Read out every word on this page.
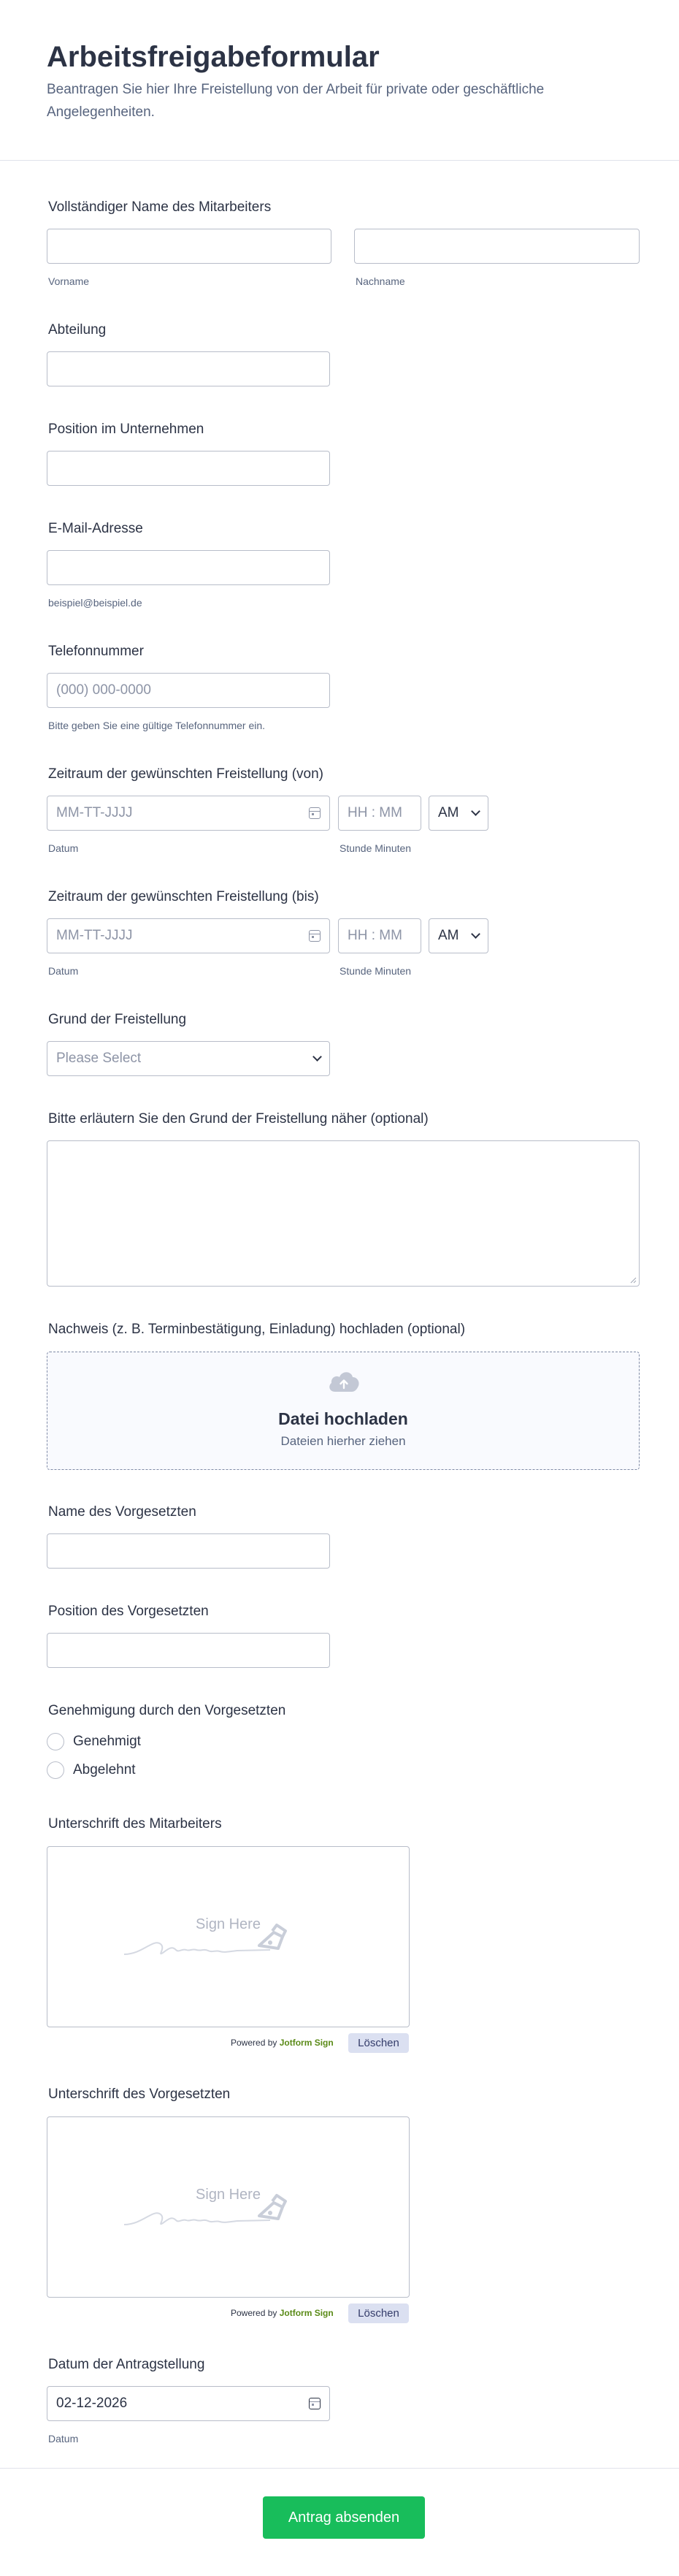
Arbeitsfreigabeformular

Beantragen Sie hier Ihre Freistellung von der Arbeit für private oder geschäftliche Angelegenheiten.

Vollständiger Name des Mitarbeiters
Vorname	Nachname
Abteilung
Position im Unternehmen
E-Mail-Adresse
beispiel@beispiel.de
Telefonnummer
(000) 000-0000
Bitte geben Sie eine gültige Telefonnummer ein.
Zeitraum der gewünschten Freistellung (von)
MM-TT-JJJJ	HH : MM	AM
Datum	Stunde Minuten
Zeitraum der gewünschten Freistellung (bis)
MM-TT-JJJJ	HH : MM	AM
Datum	Stunde Minuten
Grund der Freistellung
Please Select
Bitte erläutern Sie den Grund der Freistellung näher (optional)
Nachweis (z. B. Terminbestätigung, Einladung) hochladen (optional)
Datei hochladen
Dateien hierher ziehen
Name des Vorgesetzten
Position des Vorgesetzten
Genehmigung durch den Vorgesetzten
Genehmigt
Abgelehnt
Unterschrift des Mitarbeiters
Sign Here
Powered by Jotform Sign	Löschen
Unterschrift des Vorgesetzten
Sign Here
Powered by Jotform Sign	Löschen
Datum der Antragstellung
02-12-2026
Datum
Antrag absenden
